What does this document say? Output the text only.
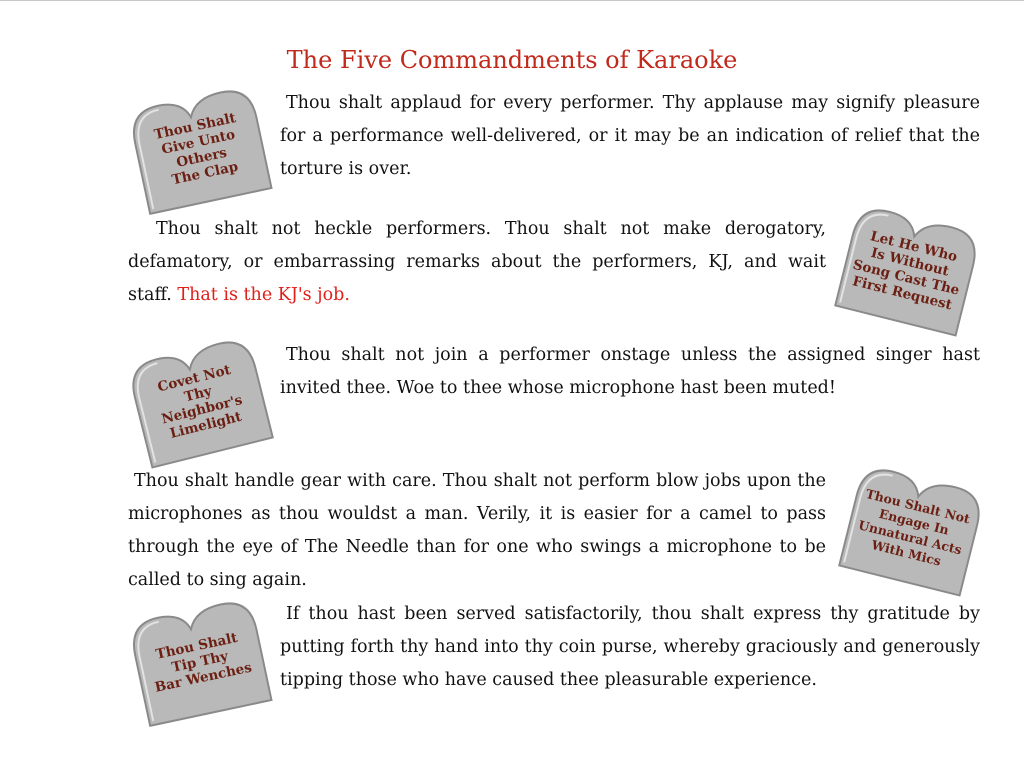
The Five Commandments of Karaoke
Thou Shalt
Give Unto
Others
The Clap

Thou shalt applaud for every performer. Thy applause may signify pleasure for a performance well-delivered, or it may be an indication of relief that the torture is over.

Let He Who
Is Without
Song Cast The
First Request

Thou shalt not heckle performers. Thou shalt not make derogatory, defamatory, or embarrassing remarks about the performers, KJ, and wait staff. That is the KJ's job.

Covet Not
Thy
Neighbor's
Limelight

Thou shalt not join a performer onstage unless the assigned singer hast invited thee. Woe to thee whose microphone hast been muted!

Thou Shalt Not
Engage In
Unnatural Acts
With Mics

Thou shalt handle gear with care. Thou shalt not perform blow jobs upon the microphones as thou wouldst a man. Verily, it is easier for a camel to pass through the eye of The Needle than for one who swings a microphone to be called to sing again.

Thou Shalt
Tip Thy
Bar Wenches

If thou hast been served satisfactorily, thou shalt express thy gratitude by putting forth thy hand into thy coin purse, whereby graciously and generously tipping those who have caused thee pleasurable experience.
